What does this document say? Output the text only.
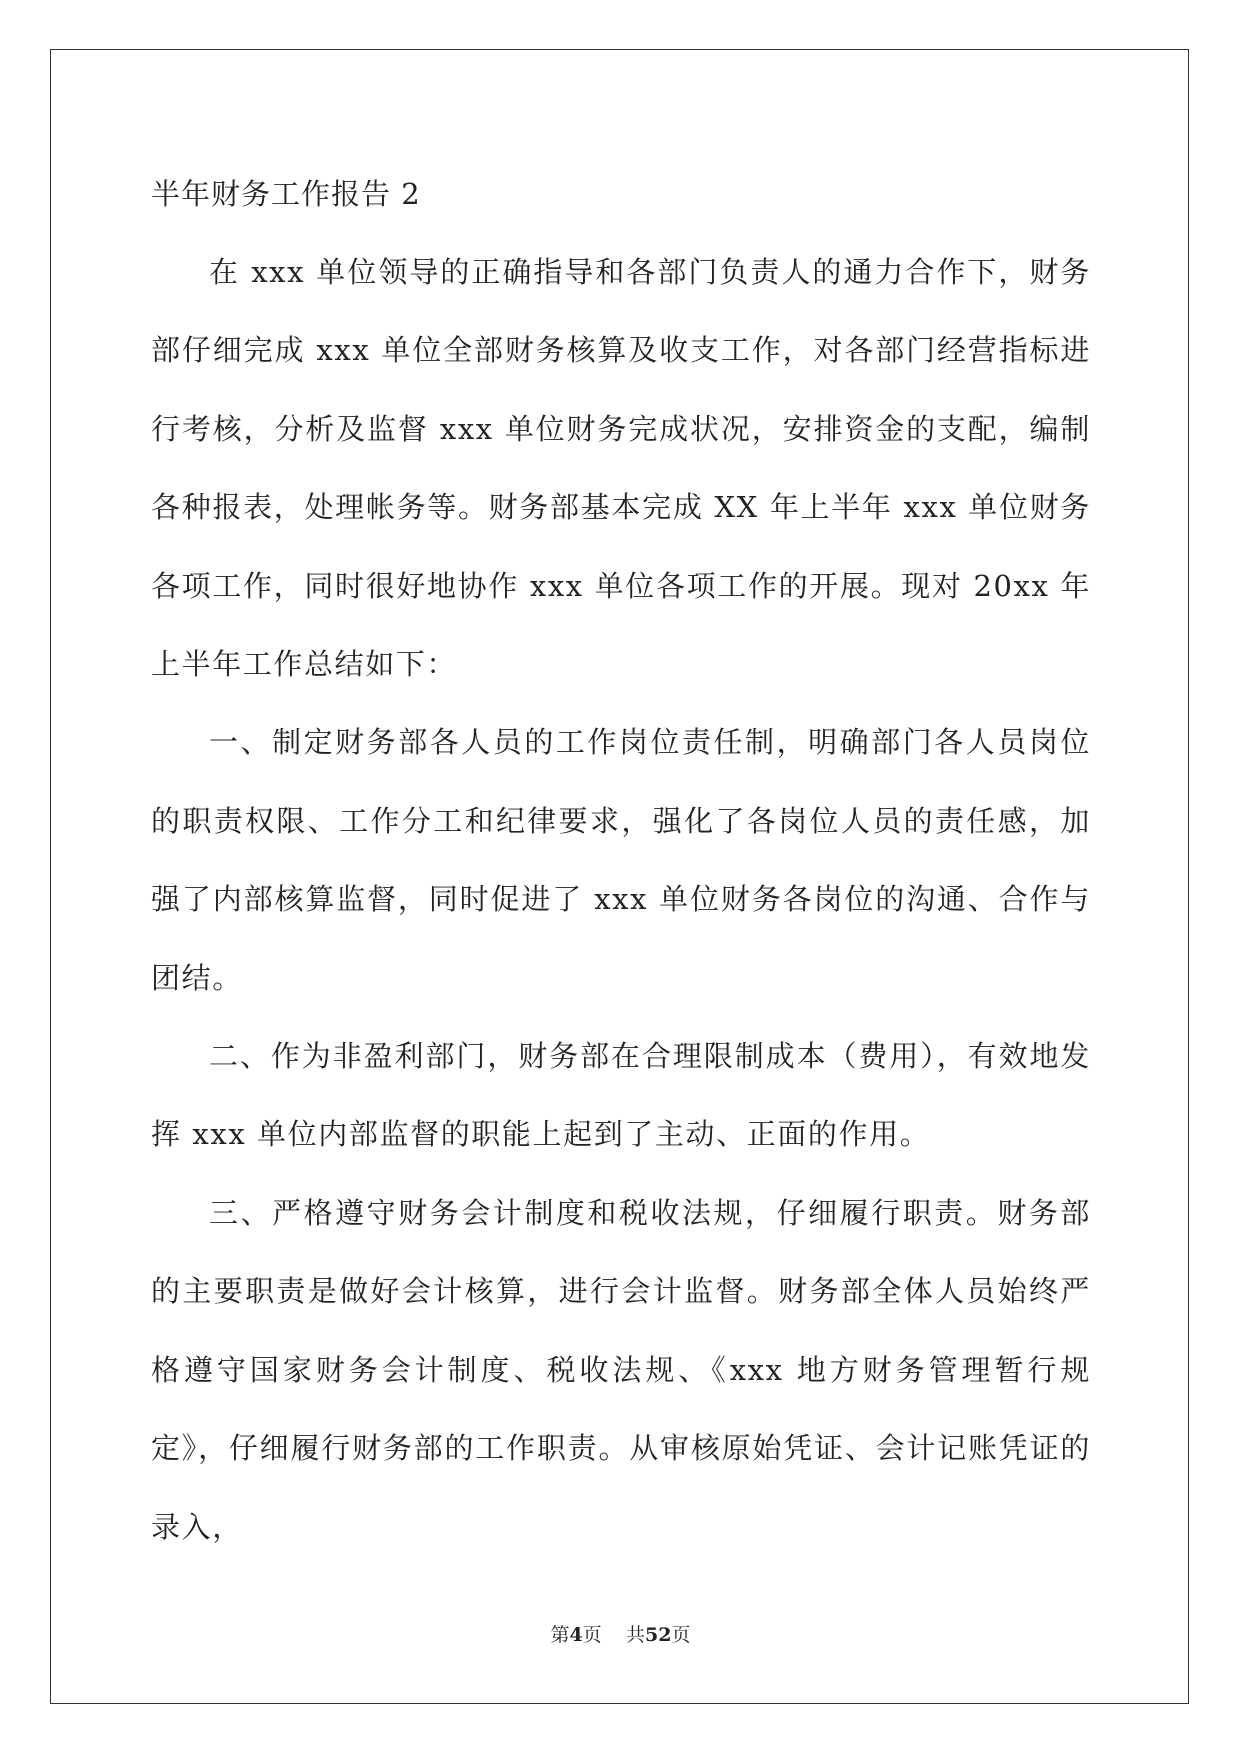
半年财务工作报告 2

在 xxx 单位领导的正确指导和各部门负责人的通力合作下，财务部仔细完成 xxx 单位全部财务核算及收支工作，对各部门经营指标进行考核，分析及监督 xxx 单位财务完成状况，安排资金的支配，编制各种报表，处理帐务等。财务部基本完成 XX 年上半年 xxx 单位财务各项工作，同时很好地协作 xxx 单位各项工作的开展。现对 20xx 年上半年工作总结如下：

一、制定财务部各人员的工作岗位责任制，明确部门各人员岗位的职责权限、工作分工和纪律要求，强化了各岗位人员的责任感，加强了内部核算监督，同时促进了 xxx 单位财务各岗位的沟通、合作与团结。

二、作为非盈利部门，财务部在合理限制成本（费用），有效地发挥 xxx 单位内部监督的职能上起到了主动、正面的作用。

三、严格遵守财务会计制度和税收法规，仔细履行职责。财务部的主要职责是做好会计核算，进行会计监督。财务部全体人员始终严格遵守国家财务会计制度、税收法规、《xxx 地方财务管理暂行规定》，仔细履行财务部的工作职责。从审核原始凭证、会计记账凭证的录入，

第4页 共52页
